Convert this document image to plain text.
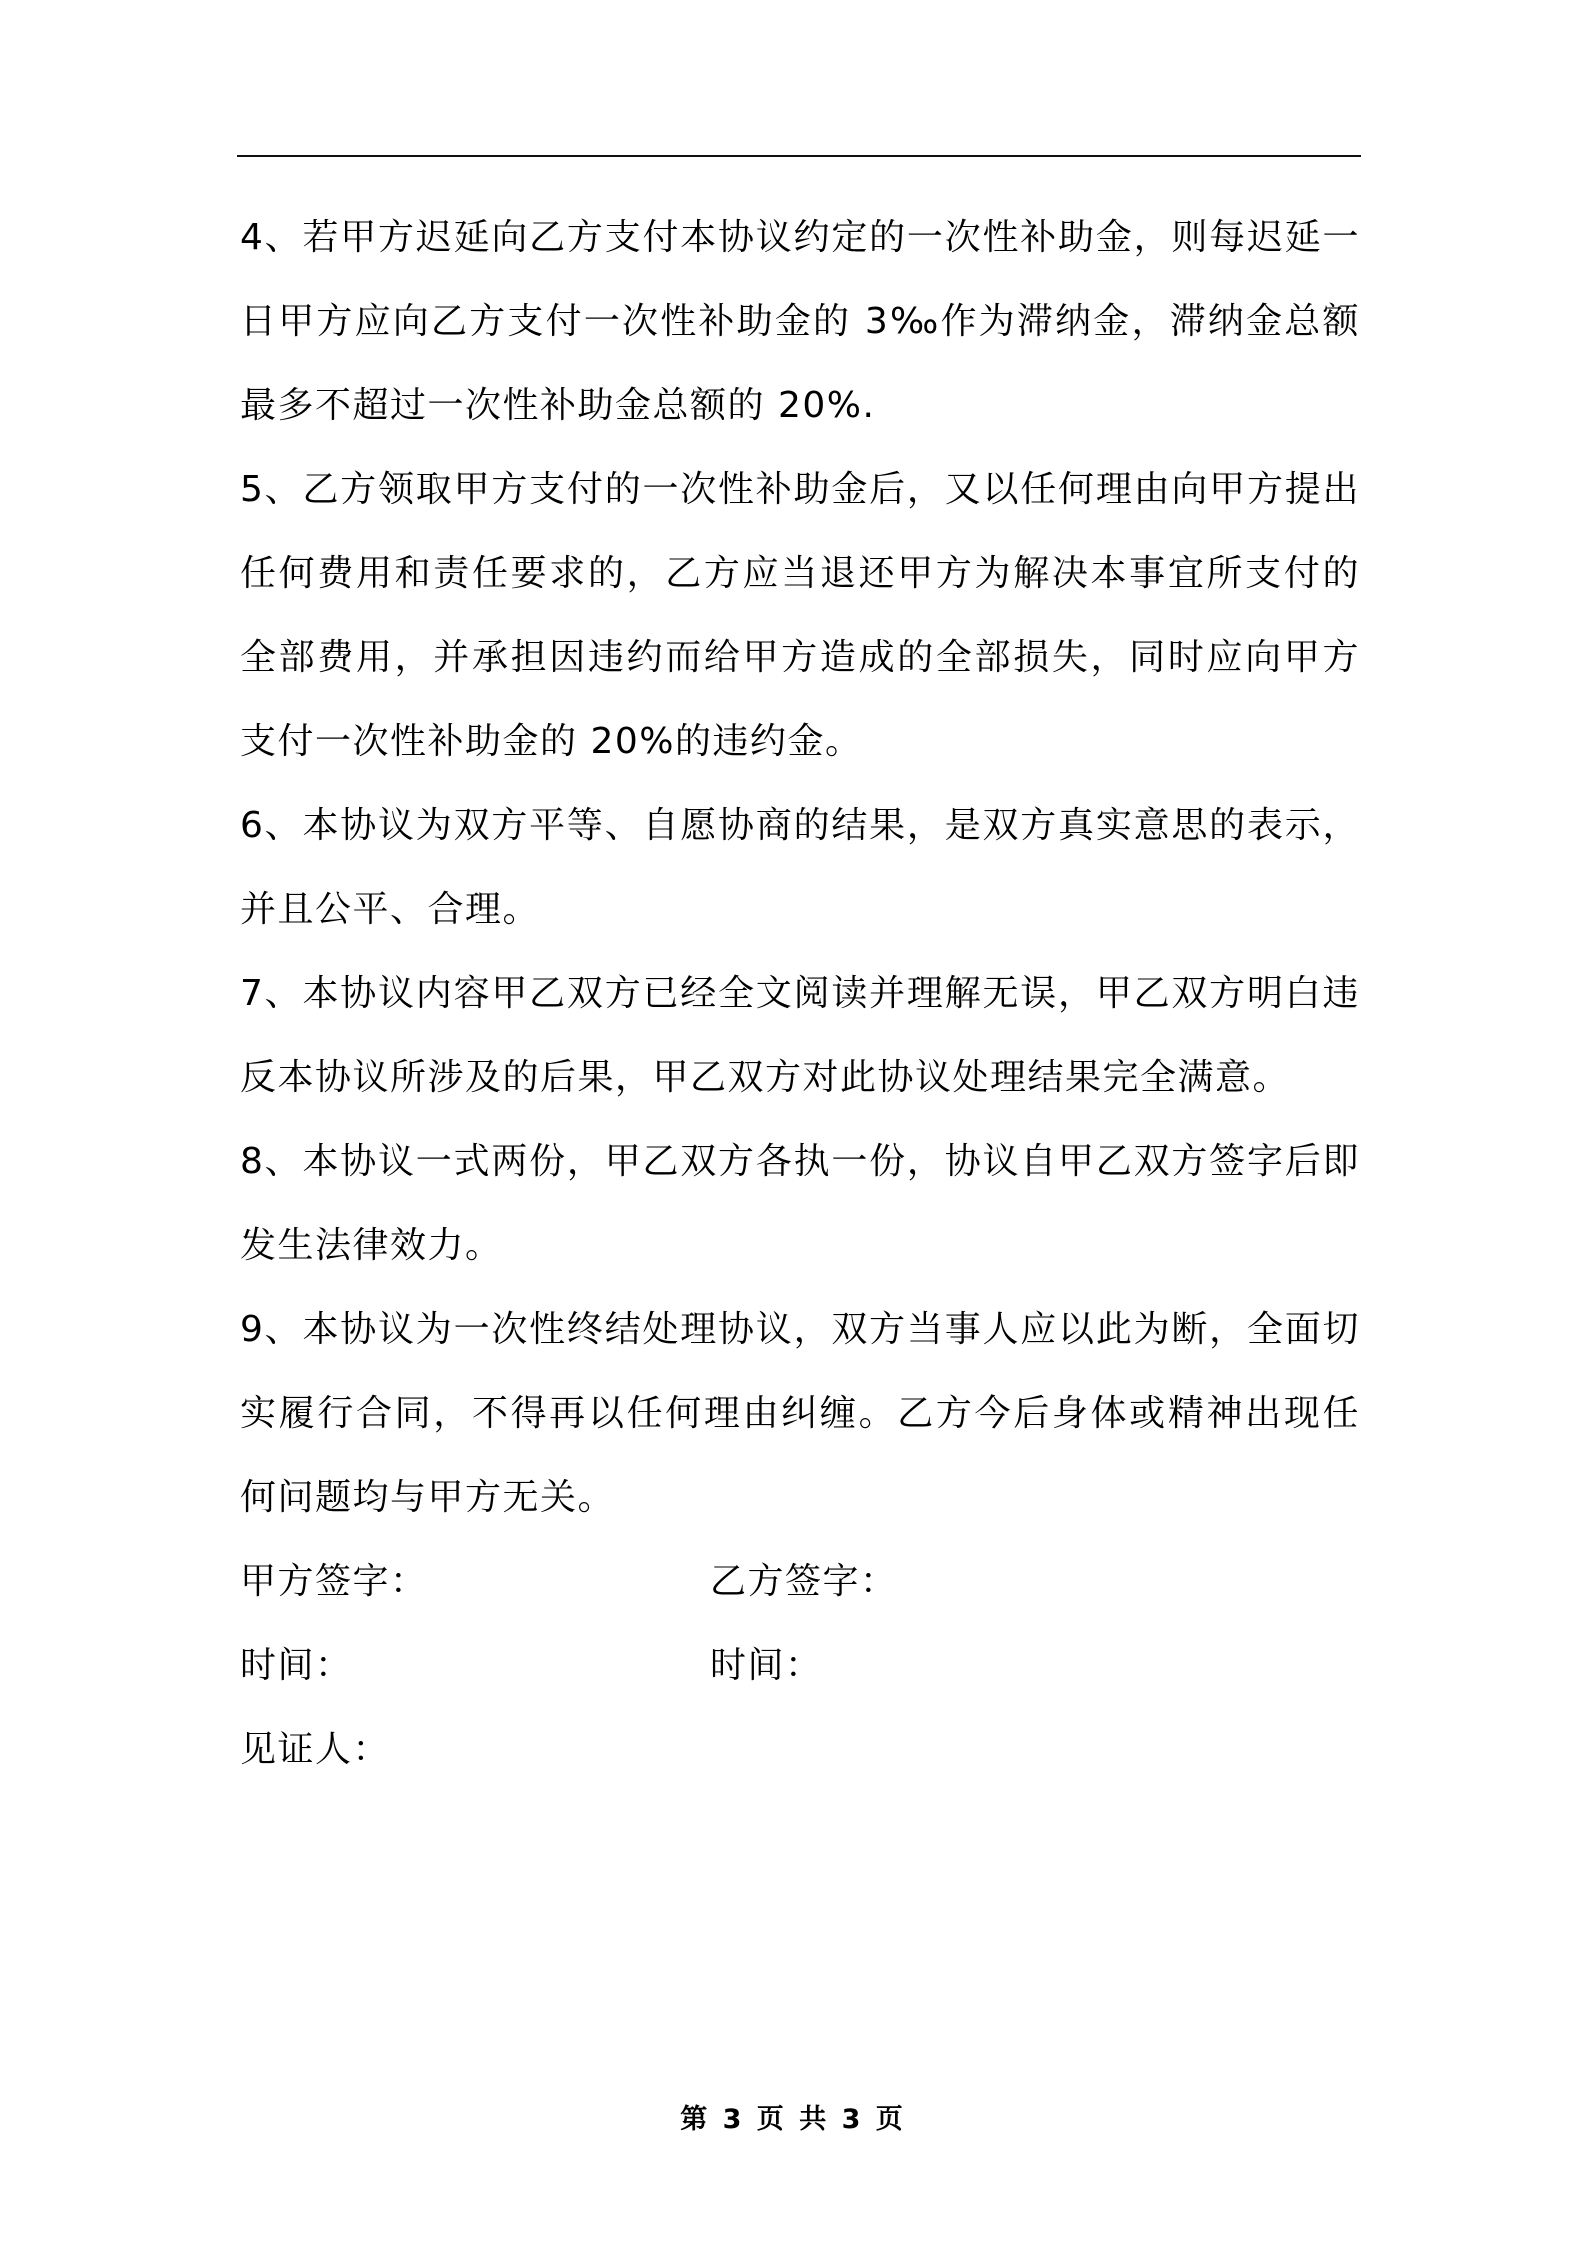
4、若甲方迟延向乙方支付本协议约定的一次性补助金，则每迟延一日甲方应向乙方支付一次性补助金的 3‰作为滞纳金，滞纳金总额最多不超过一次性补助金总额的 20%.

5、乙方领取甲方支付的一次性补助金后，又以任何理由向甲方提出任何费用和责任要求的，乙方应当退还甲方为解决本事宜所支付的全部费用，并承担因违约而给甲方造成的全部损失，同时应向甲方支付一次性补助金的 20%的违约金。

6、本协议为双方平等、自愿协商的结果，是双方真实意思的表示，并且公平、合理。

7、本协议内容甲乙双方已经全文阅读并理解无误，甲乙双方明白违反本协议所涉及的后果，甲乙双方对此协议处理结果完全满意。

8、本协议一式两份，甲乙双方各执一份，协议自甲乙双方签字后即发生法律效力。

9、本协议为一次性终结处理协议，双方当事人应以此为断，全面切实履行合同，不得再以任何理由纠缠。乙方今后身体或精神出现任何问题均与甲方无关。

甲方签字：	乙方签字：
时间：	时间：
见证人：
第 3 页 共 3 页
